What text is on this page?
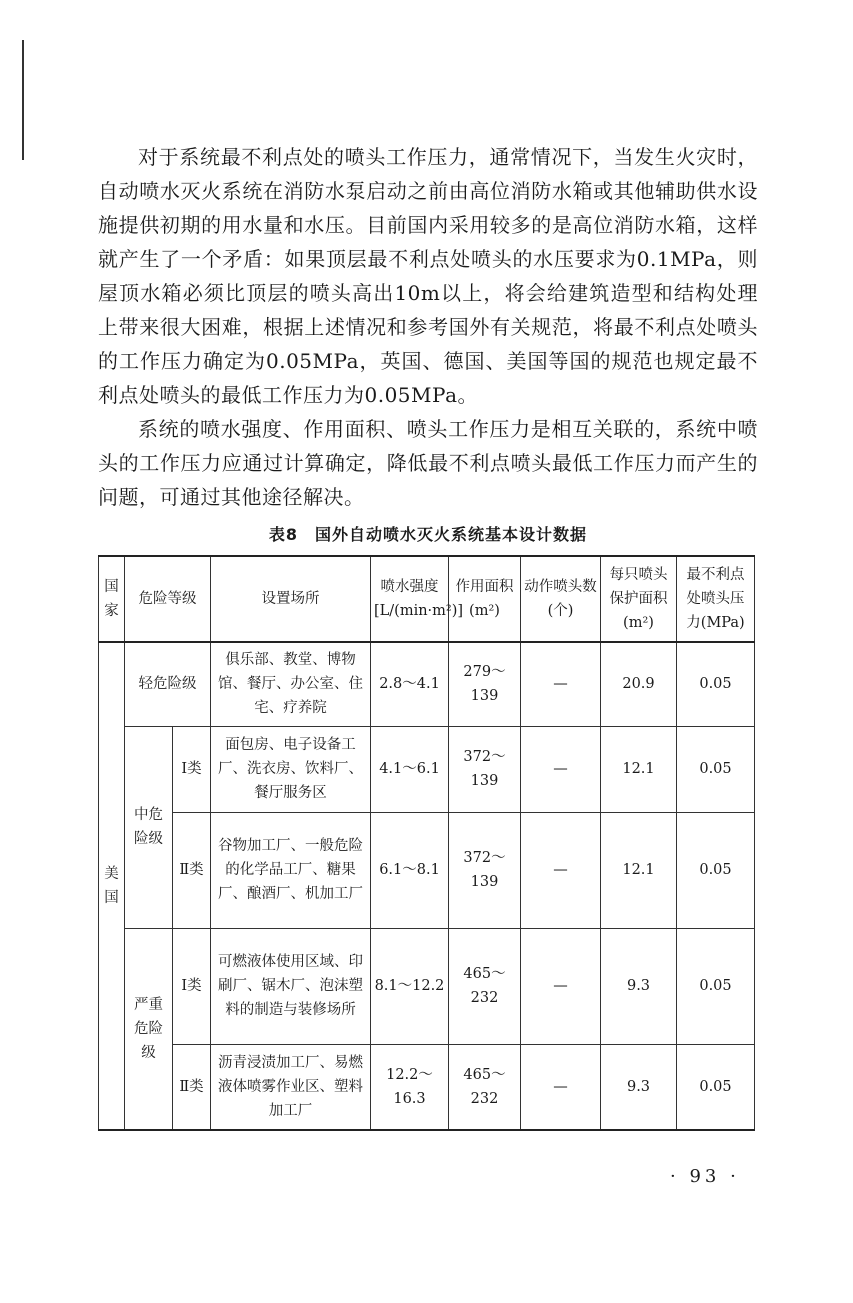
对于系统最不利点处的喷头工作压力，通常情况下，当发生火灾时，自动喷水灭火系统在消防水泵启动之前由高位消防水箱或其他辅助供水设施提供初期的用水量和水压。目前国内采用较多的是高位消防水箱，这样就产生了一个矛盾：如果顶层最不利点处喷头的水压要求为0.1MPa，则屋顶水箱必须比顶层的喷头高出10m以上，将会给建筑造型和结构处理上带来很大困难，根据上述情况和参考国外有关规范，将最不利点处喷头的工作压力确定为0.05MPa，英国、德国、美国等国的规范也规定最不利点处喷头的最低工作压力为0.05MPa。

系统的喷水强度、作用面积、喷头工作压力是相互关联的，系统中喷头的工作压力应通过计算确定，降低最不利点喷头最低工作压力而产生的问题，可通过其他途径解决。

表8　国外自动喷水灭火系统基本设计数据
国家	危险等级		设置场所	喷水强度[L/(min·m²)]	作用面积(m²)	动作喷头数(个)	每只喷头保护面积(m²)	最不利点处喷头压力(MPa)
美国	轻危险级		俱乐部、教堂、博物馆、餐厅、办公室、住宅、疗养院	2.8～4.1	279～139	—	20.9	0.05
	中危险级	Ⅰ类	面包房、电子设备工厂、洗衣房、饮料厂、餐厅服务区	4.1～6.1	372～139	—	12.1	0.05
		Ⅱ类	谷物加工厂、一般危险的化学品工厂、糖果厂、酿酒厂、机加工厂	6.1～8.1	372～139	—	12.1	0.05
	严重危险级	Ⅰ类	可燃液体使用区域、印刷厂、锯木厂、泡沫塑料的制造与装修场所	8.1～12.2	465～232	—	9.3	0.05
		Ⅱ类	沥青浸渍加工厂、易燃液体喷雾作业区、塑料加工厂	12.2～16.3	465～232	—	9.3	0.05
· 93 ·
